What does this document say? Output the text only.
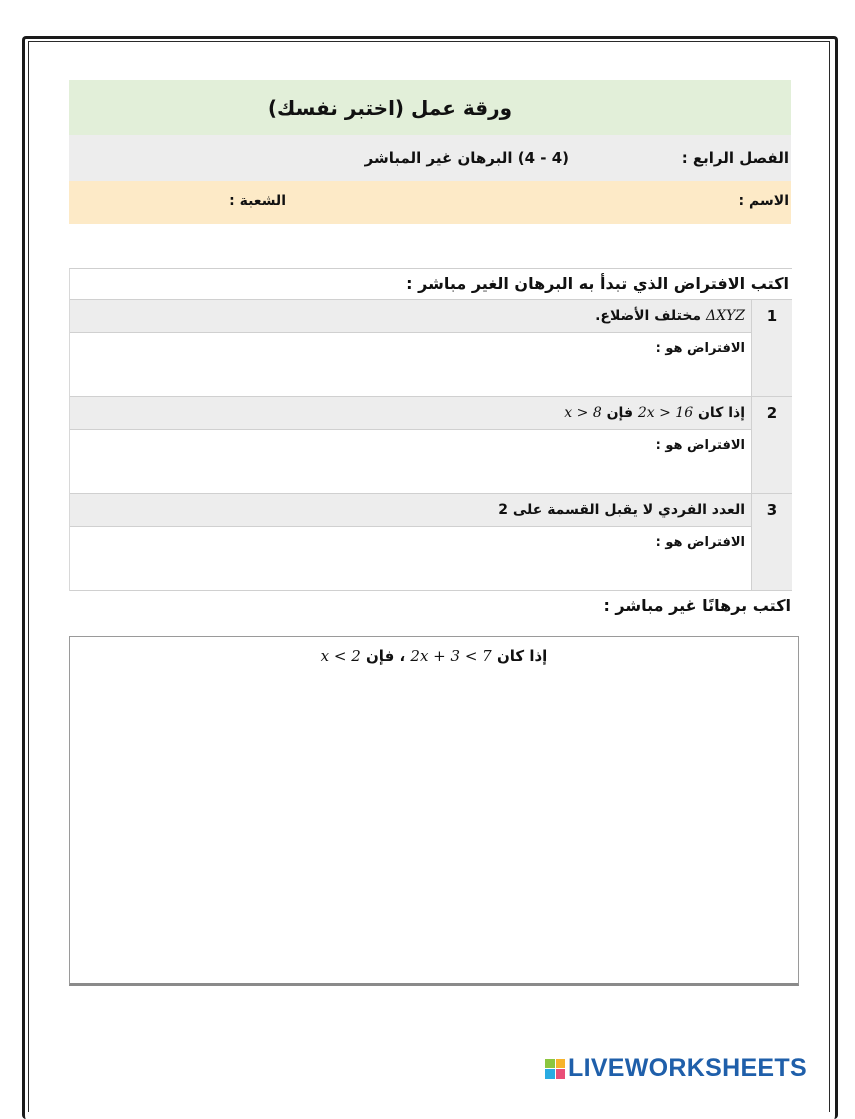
ورقة عمل (اختبر نفسك)
الفصل الرابع :
(4 - 4) البرهان غير المباشر
الاسم :
الشعبة :
اكتب الافتراض الذي تبدأ به البرهان الغير مباشر :
1
ΔXYZ مختلف الأضلاع.
الافتراض هو :
2
إذا كان 2x > 16 فإن x > 8
الافتراض هو :
3
العدد الفردي لا يقبل القسمة على 2
الافتراض هو :
اكتب برهانًا غير مباشر :
إذا كان 2x + 3 < 7 ، فإن x < 2
LIVEWORKSHEETS
